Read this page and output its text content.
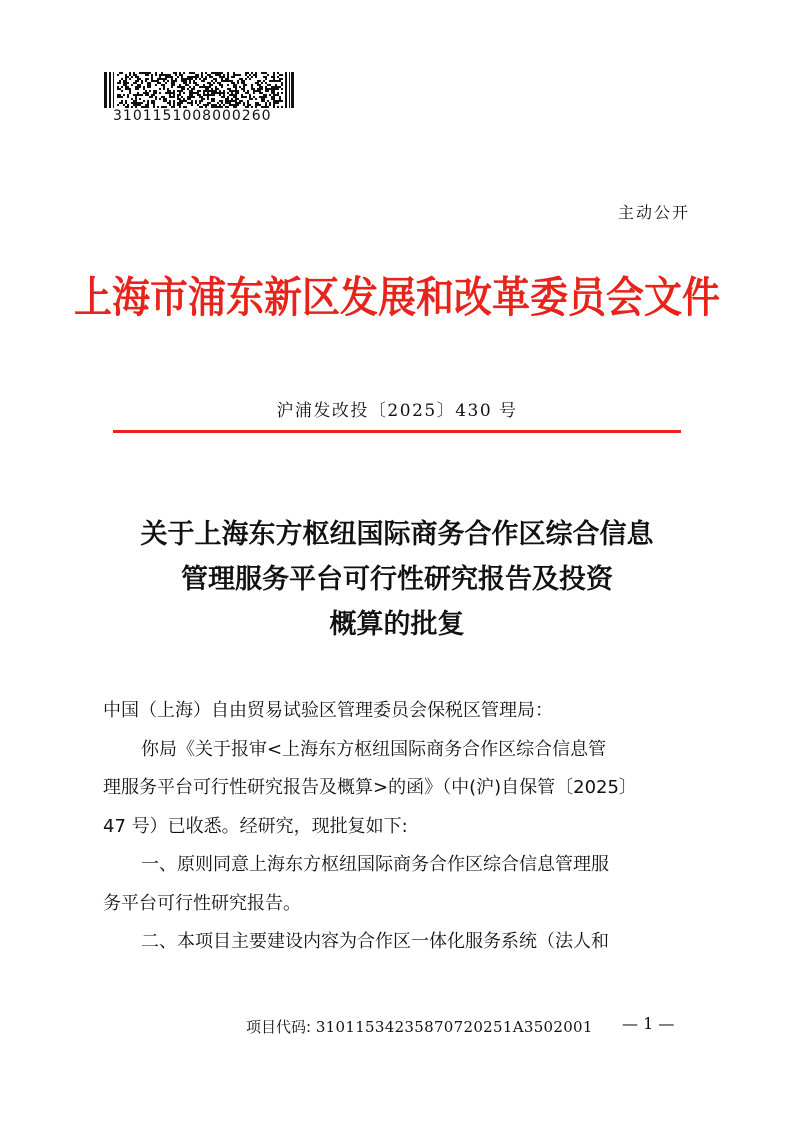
3101151008000260
主动公开
上海市浦东新区发展和改革委员会文件
沪浦发改投〔2025〕430 号
关于上海东方枢纽国际商务合作区综合信息
管理服务平台可行性研究报告及投资
概算的批复
中国（上海）自由贸易试验区管理委员会保税区管理局：
你局《关于报审<上海东方枢纽国际商务合作区综合信息管
理服务平台可行性研究报告及概算>的函》（中(沪)自保管〔2025〕
47 号）已收悉。经研究，现批复如下:
一、原则同意上海东方枢纽国际商务合作区综合信息管理服
务平台可行性研究报告。
二、本项目主要建设内容为合作区一体化服务系统（法人和
项目代码: 31011534235870720251A3502001 — 1 —
